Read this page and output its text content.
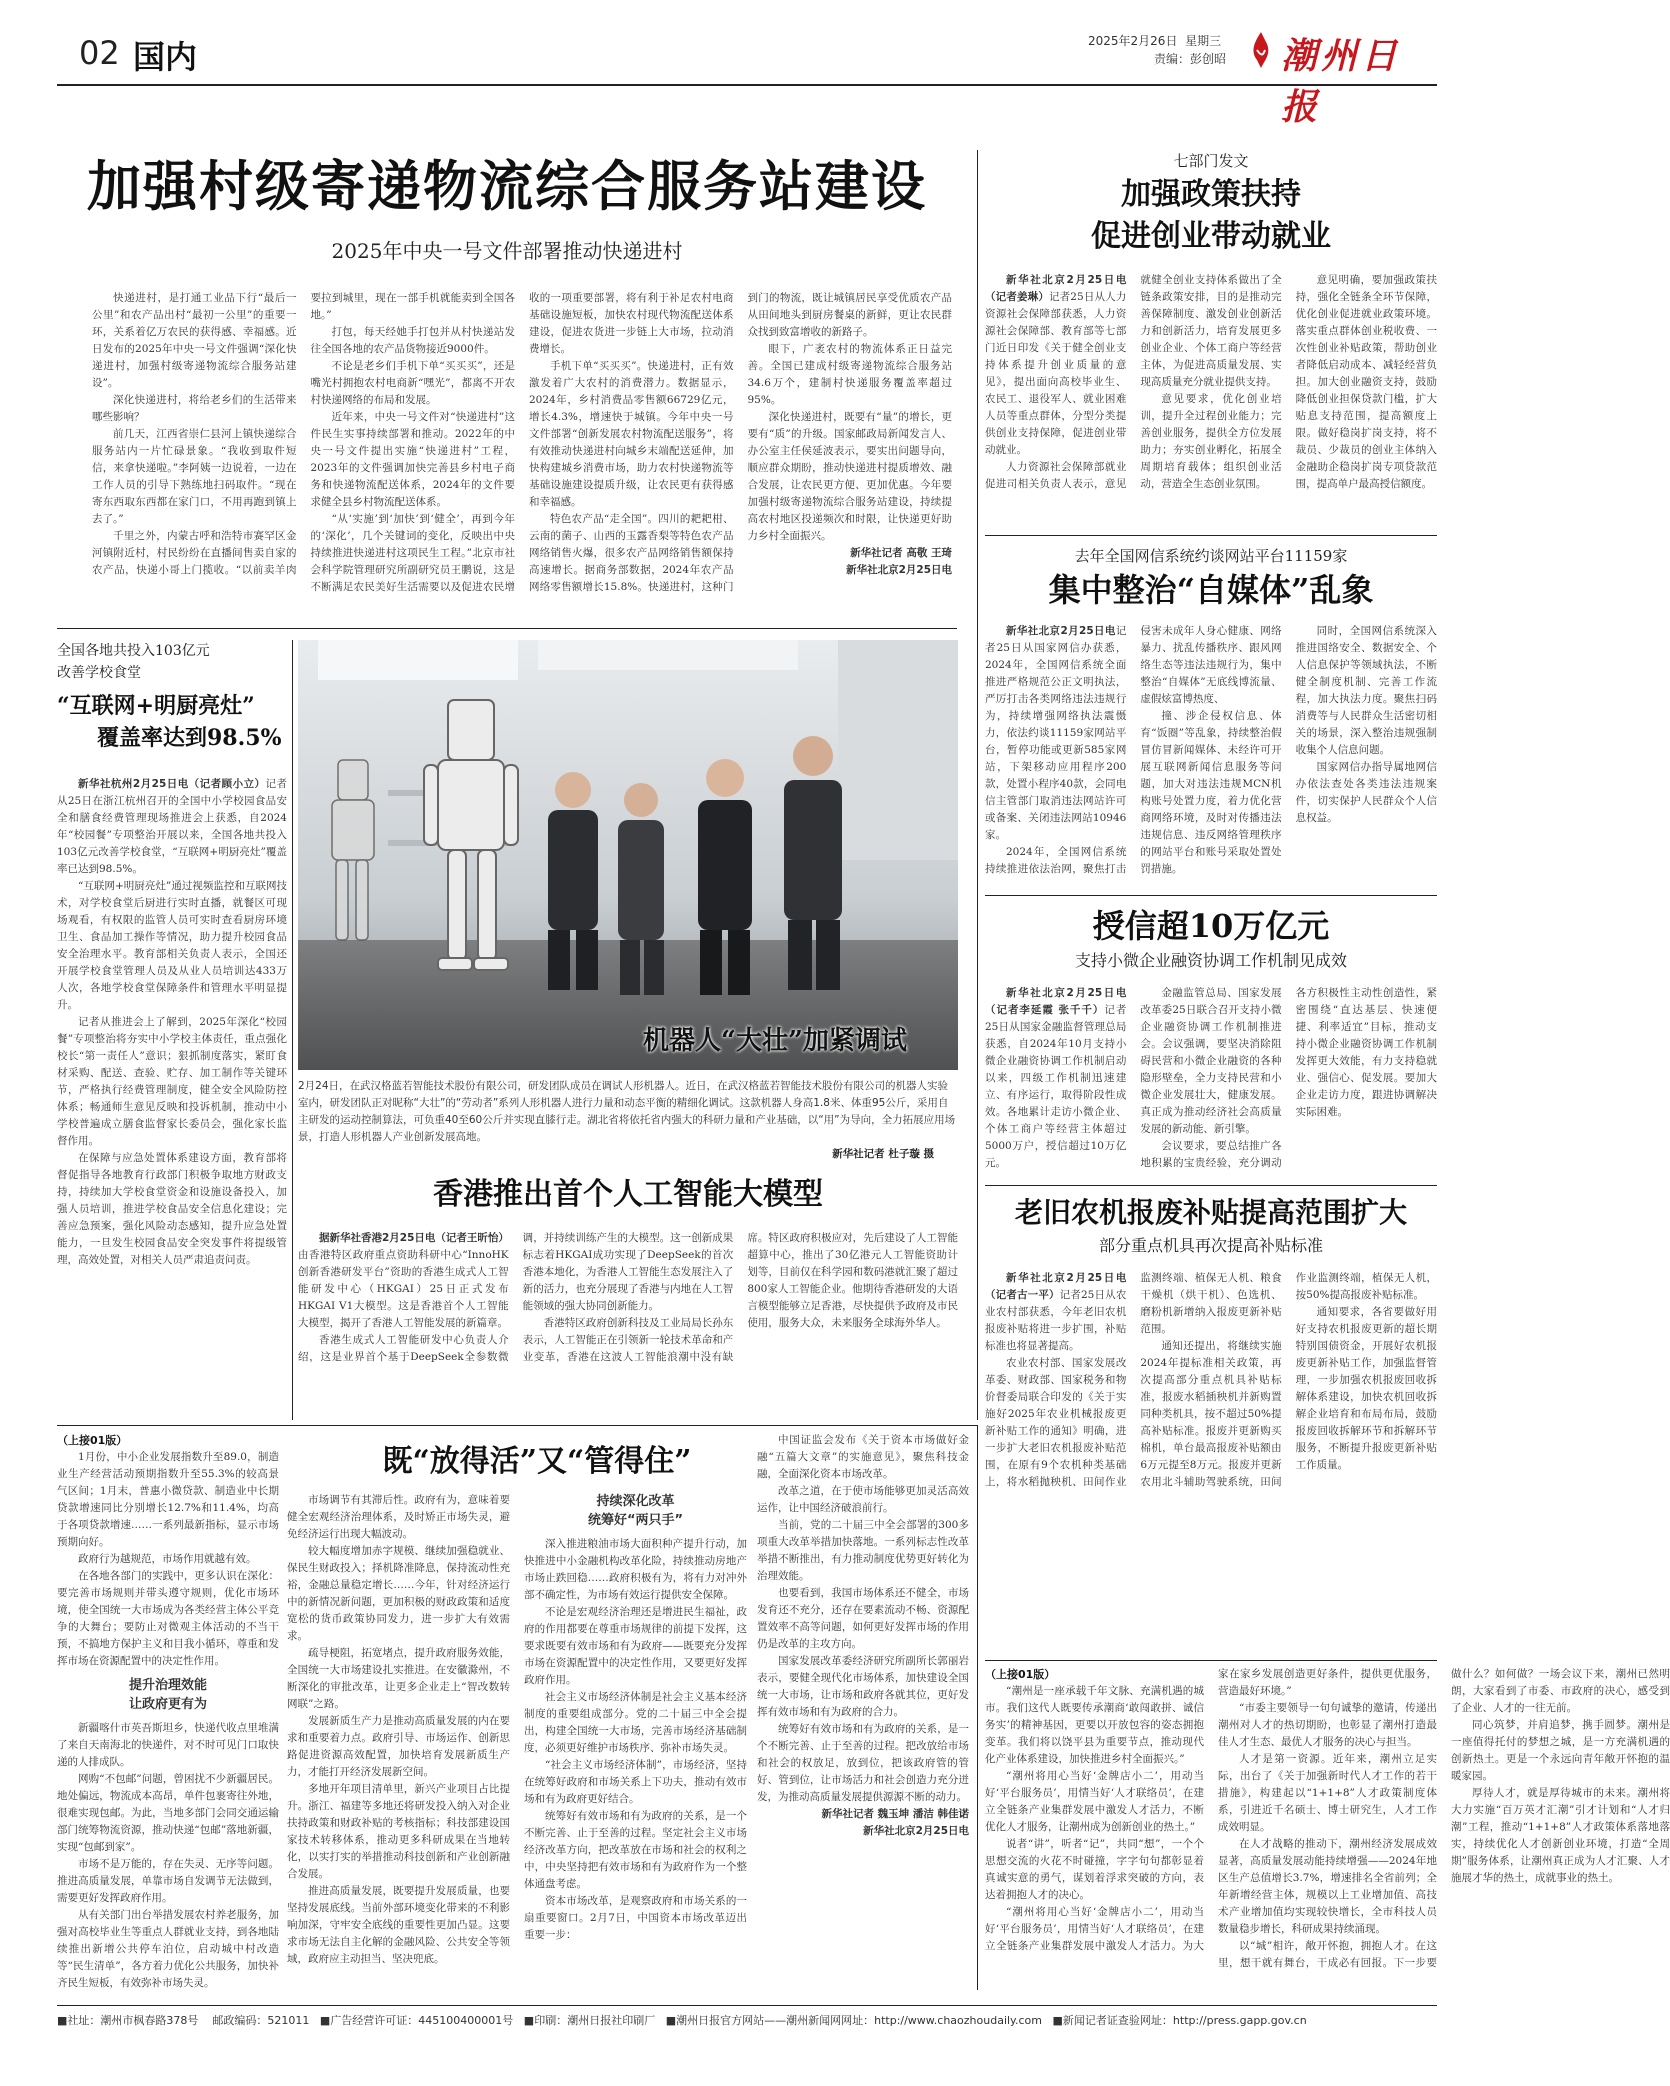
02 国内	2025年2月26日 星期三
责编：彭创昭 潮州日报
加强村级寄递物流综合服务站建设
2025年中央一号文件部署推动快递进村

快递进村，是打通工业品下行“最后一公里”和农产品出村“最初一公里”的重要一环，关系着亿万农民的获得感、幸福感。近日发布的2025年中央一号文件强调“深化快递进村，加强村级寄递物流综合服务站建设”。

深化快递进村，将给老乡们的生活带来哪些影响？

前几天，江西省崇仁县河上镇快递综合服务站内一片忙碌景象。“我收到取件短信，来拿快递啦。”李阿姨一边说着，一边在工作人员的引导下熟练地扫码取件。“现在寄东西取东西都在家门口，不用再跑到镇上去了。”

千里之外，内蒙古呼和浩特市赛罕区金河镇附近村，村民纷纷在直播间售卖自家的农产品，快递小哥上门揽收。“以前卖羊肉要拉到城里，现在一部手机就能卖到全国各地。”

打包，每天经她手打包并从村快递站发往全国各地的农产品货物接近9000件。

不论是老乡们手机下单“买买买”，还是嘴光村拥抱农村电商新“嘿光”，都离不开农村快递网络的布局和发展。

近年来，中央一号文件对“快递进村”这件民生实事持续部署和推动。2022年的中央一号文件提出实施“快递进村”工程，2023年的文件强调加快完善县乡村电子商务和快递物流配送体系，2024年的文件要求健全县乡村物流配送体系。

“从‘实施’到‘加快’到‘健全’，再到今年的‘深化’，几个关键词的变化，反映出中央持续推进快递进村这项民生工程。”北京市社会科学院管理研究所副研究员王鹏说，这是不断满足农民美好生活需要以及促进农民增收的一项重要部署，将有利于补足农村电商基础设施短板，加快农村现代物流配送体系建设，促进农货进一步链上大市场，拉动消费增长。

手机下单“买买买”。快递进村，正有效激发着广大农村的消费潜力。数据显示，2024年，乡村消费品零售额66729亿元，增长4.3%，增速快于城镇。今年中央一号文件部署“创新发展农村物流配送服务”，将有效推动快递进村向城乡末端配送延伸，加快构建城乡消费市场，助力农村快递物流等基础设施建设提质升级，让农民更有获得感和幸福感。

特色农产品“走全国”。四川的耙耙柑、云南的菌子、山西的玉露香梨等特色农产品网络销售火爆，很多农产品网络销售额保持高速增长。据商务部数据，2024年农产品网络零售额增长15.8%。快递进村，这种门到门的物流，既让城镇居民享受优质农产品从田间地头到厨房餐桌的新鲜，更让农民群众找到致富增收的新路子。

眼下，广袤农村的物流体系正日益完善。全国已建成村级寄递物流综合服务站34.6万个，建制村快递服务覆盖率超过95%。

深化快递进村，既要有“量”的增长，更要有“质”的升级。国家邮政局新闻发言人、办公室主任侯延波表示，要实出问题导向，顺应群众期盼，推动快递进村提质增效、融合发展，让农民更方便、更加优惠。今年要加强村级寄递物流综合服务站建设，持续提高农村地区投递频次和时限，让快递更好助力乡村全面振兴。

新华社记者 高敬 王琦
新华社北京2月25日电
全国各地共投入103亿元
改善学校食堂
“互联网+明厨亮灶”
覆盖率达到98.5%

新华社杭州2月25日电（记者顾小立）记者从25日在浙江杭州召开的全国中小学校园食品安全和膳食经费管理现场推进会上获悉，自2024年“校园餐”专项整治开展以来，全国各地共投入103亿元改善学校食堂，“互联网+明厨亮灶”覆盖率已达到98.5%。

“互联网+明厨亮灶”通过视频监控和互联网技术，对学校食堂后厨进行实时直播，就餐区可现场观看，有权限的监管人员可实时查看厨房环境卫生、食品加工操作等情况，助力提升校园食品安全治理水平。教育部相关负责人表示，全国还开展学校食堂管理人员及从业人员培训达433万人次，各地学校食堂保障条件和管理水平明显提升。

记者从推进会上了解到，2025年深化“校园餐”专项整治将夯实中小学校主体责任，重点强化校长“第一责任人”意识；狠抓制度落实，紧盯食材采购、配送、查验、贮存、加工制作等关键环节，严格执行经费管理制度，健全安全风险防控体系；畅通师生意见反映和投诉机制，推动中小学校普遍成立膳食监督家长委员会，强化家长监督作用。

在保障与应急处置体系建设方面，教育部将督促指导各地教育行政部门积极争取地方财政支持，持续加大学校食堂资金和设施设备投入，加强人员培训，推进学校食品安全信息化建设；完善应急预案，强化风险动态感知，提升应急处置能力，一旦发生校园食品安全突发事件将提级管理，高效处置，对相关人员严肃追责问责。

机器人“大壮”加紧调试
2月24日，在武汉格蓝若智能技术股份有限公司，研发团队成员在调试人形机器人。近日，在武汉格蓝若智能技术股份有限公司的机器人实验室内，研发团队正对昵称“大壮”的“劳动者”系列人形机器人进行力量和动态平衡的精细化调试。这款机器人身高1.8米、体重95公斤，采用自主研发的运动控制算法，可负重40至60公斤并实现直膝行走。湖北省将依托省内强大的科研力量和产业基础，以“用”为导向，全力拓展应用场景，打造人形机器人产业创新发展高地。
新华社记者 杜子璇 摄
香港推出首个人工智能大模型

据新华社香港2月25日电（记者王昕怡）由香港特区政府重点资助科研中心“InnoHK创新香港研发平台”资助的香港生成式人工智能研发中心（HKGAI）25日正式发布HKGAI V1大模型。这是香港首个人工智能大模型，揭开了香港人工智能发展的新篇章。

香港生成式人工智能研发中心负责人介绍，这是业界首个基于DeepSeek全参数微调，并持续训练产生的大模型。这一创新成果标志着HKGAI成功实现了DeepSeek的首次香港本地化，为香港人工智能生态发展注入了新的活力，也充分展现了香港与内地在人工智能领域的强大协同创新能力。

香港特区政府创新科技及工业局局长孙东表示，人工智能正在引领新一轮技术革命和产业变革，香港在这波人工智能浪潮中没有缺席。特区政府积极应对，先后建设了人工智能超算中心，推出了30亿港元人工智能资助计划等，目前仅在科学园和数码港就汇聚了超过800家人工智能企业。他期待香港研发的大语言模型能够立足香港，尽快提供予政府及市民使用，服务大众，未来服务全球海外华人。

七部门发文
加强政策扶持
促进创业带动就业

新华社北京2月25日电（记者姜琳）记者25日从人力资源社会保障部获悉，人力资源社会保障部、教育部等七部门近日印发《关于健全创业支持体系提升创业质量的意见》，提出面向高校毕业生、农民工、退役军人、就业困难人员等重点群体，分型分类提供创业支持保障，促进创业带动就业。

人力资源社会保障部就业促进司相关负责人表示，意见就健全创业支持体系做出了全链条政策安排，目的是推动完善保障制度、激发创业创新活力和创新活力，培育发展更多创业企业、个体工商户等经营主体，为促进高质量发展、实现高质量充分就业提供支持。

意见要求，优化创业培训，提升全过程创业能力；完善创业服务，提供全方位发展助力；夯实创业孵化，拓展全周期培育载体；组织创业活动，营造全生态创业氛围。

意见明确，要加强政策扶持，强化全链条全环节保障，优化创业促进就业政策环境。落实重点群体创业税收费、一次性创业补贴政策，帮助创业者降低启动成本、减轻经营负担。加大创业融资支持，鼓励降低创业担保贷款门槛，扩大贴息支持范围，提高额度上限。做好稳岗扩岗支持，将不裁员、少裁员的创业主体纳入金融助企稳岗扩岗专项贷款范围，提高单户最高授信额度。

去年全国网信系统约谈网站平台11159家
集中整治“自媒体”乱象

新华社北京2月25日电记者25日从国家网信办获悉，2024年，全国网信系统全面推进严格规范公正文明执法，严厉打击各类网络违法违规行为，持续增强网络执法震慑力，依法约谈11159家网站平台，暂停功能或更新585家网站，下架移动应用程序200款，处置小程序40款，会同电信主管部门取消违法网站许可或备案、关闭违法网站10946家。

2024年，全国网信系统持续推进依法治网，聚焦打击侵害未成年人身心健康、网络暴力、扰乱传播秩序、跟风网络生态等违法违规行为，集中整治“自媒体”无底线博流量、虚假炫富博热度、

撞、涉企侵权信息、体育“饭圈”等乱象，持续整治假冒仿冒新闻媒体、未经许可开展互联网新闻信息服务等问题，加大对违法违规MCN机构账号处置力度，着力优化营商网络环境，及时对传播违法违规信息、违反网络管理秩序的网站平台和账号采取处置处罚措施。

同时，全国网信系统深入推进国络安全、数据安全、个人信息保护等领域执法，不断健全制度机制、完善工作流程，加大执法力度。聚焦扫码消费等与人民群众生活密切相关的场景，深入整治违规强制收集个人信息问题。

国家网信办指导属地网信办依法查处各类违法违规案件，切实保护人民群众个人信息权益。

授信超10万亿元
支持小微企业融资协调工作机制见成效

新华社北京2月25日电（记者李延霞 张千千）记者25日从国家金融监督管理总局获悉，自2024年10月支持小微企业融资协调工作机制启动以来，四级工作机制迅速建立、有序运行，取得阶段性成效。各地累计走访小微企业、个体工商户等经营主体超过5000万户，授信超过10万亿元。

金融监管总局、国家发展改革委25日联合召开支持小微企业融资协调工作机制推进会。会议强调，要坚决消除阻碍民营和小微企业融资的各种隐形壁垒，全力支持民营和小微企业发展壮大，健康发展。真正成为推动经济社会高质量发展的新动能、新引擎。

会议要求，要总结推广各地积累的宝贵经验，充分调动各方积极性主动性创造性，紧密围绕“直达基层、快速便捷、利率适宜”目标，推动支持小微企业融资协调工作机制发挥更大效能，有力支持稳就业、强信心、促发展。要加大企业走访力度，跟进协调解决实际困难。

老旧农机报废补贴提高范围扩大
部分重点机具再次提高补贴标准

新华社北京2月25日电（记者古一平）记者25日从农业农村部获悉，今年老旧农机报废补贴将进一步扩围，补贴标准也将显著提高。

农业农村部、国家发展改革委、财政部、国家税务和物价督委局联合印发的《关于实施好2025年农业机械报废更新补贴工作的通知》明确，进一步扩大老旧农机报废补贴范围，在原有9个农机种类基础上，将水稻抛秧机、田间作业监测终端、植保无人机、粮食干燥机（烘干机）、色选机、磨粉机新增纳入报废更新补贴范围。

通知还提出，将继续实施2024年提标准相关政策，再次提高部分重点机具补贴标准，报废水稻插秧机并新购置同种类机具，按不超过50%提高补贴标准。报废并更新购买棉机，单台最高报废补贴额由6万元提至8万元。报废并更新农用北斗辅助驾驶系统，田间作业监测终端，植保无人机，按50%提高报废补贴标准。

通知要求，各省要做好用好支持农机报废更新的超长期特别国债资金，开展好农机报废更新补贴工作，加强监督管理，一步加强农机报废回收拆解体系建设，加快农机回收拆解企业培育和布局布局，鼓励报废回收拆解环节和拆解环节服务，不断提升报废更新补贴工作质量。

（上接01版）

1月份，中小企业发展指数升至89.0，制造业生产经营活动预期指数升至55.3%的较高景气区间；1月末，普惠小微贷款、制造业中长期贷款增速同比分别增长12.7%和11.4%，均高于各项贷款增速……一系列最新指标，显示市场预期向好。

政府行为越规范，市场作用就越有效。

在各地各部门的实践中，更多认识在深化：要完善市场规则并带头遵守规则，优化市场环境，使全国统一大市场成为各类经营主体公平竞争的大舞台；要防止对微观主体活动的不当干预，不搞地方保护主义和目我小循环，尊重和发挥市场在资源配置中的决定性作用。

提升治理效能
让政府更有为

新疆喀什市英吾斯坦乡，快递代收点里堆满了来自天南海北的快递件，对不时可见门口取快递的人排成队。

网购“不包邮”问题，曾困扰不少新疆居民。地处偏远，物流成本高昂，单件包裹寄往外地，很难实现包邮。为此，当地多部门会同交通运输部门统筹物流资源，推动快递“包邮”落地新疆，实现“包邮到家”。

市场不是万能的，存在失灵、无序等问题。推进高质量发展，单靠市场自发调节无法做到，需要更好发挥政府作用。

从有关部门出台举措发展农村养老服务，加强对高校毕业生等重点人群就业支持，到各地陆续推出新增公共停车泊位，启动城中村改造等“民生清单”，各方着力优化公共服务，加快补齐民生短板，有效弥补市场失灵。

既“放得活”又“管得住”

市场调节有其滞后性。政府有为，意味着要健全宏观经济治理体系，及时矫正市场失灵，避免经济运行出现大幅波动。

较大幅度增加赤字规模、继续加强稳就业、保民生财政投入；择机降准降息，保持流动性充裕，金融总量稳定增长……今年，针对经济运行中的新情况新问题，更加积极的财政政策和适度宽松的货币政策协同发力，进一步扩大有效需求。

疏导梗阻，拓宽堵点，提升政府服务效能，全国统一大市场建设扎实推进。在安徽滁州，不断深化的审批改革，让更多企业走上“智改数转网联”之路。

发展新质生产力是推动高质量发展的内在要求和重要着力点。政府引导、市场运作、创新思路促进资源高效配置，加快培育发展新质生产力，才能打开经济发展新空间。

多地开年项目清单里，新兴产业项目占比提升。浙江、福建等多地还将研发投入纳入对企业扶持政策和财政补贴的考核指标；科技部建设国家技术转移体系，推动更多科研成果在当地转化，以实打实的举措推动科技创新和产业创新融合发展。

推进高质量发展，既要提升发展质量，也要坚持发展底线。当前外部环境变化带来的不利影响加深，守牢安全底线的重要性更加凸显。这要求市场无法自主化解的金融风险、公共安全等领域，政府应主动担当、坚决兜底。

持续深化改革
统筹好“两只手”

深入推进粮油市场大面积种产提升行动，加快推进中小金融机构改革化险，持续推动房地产市场止跌回稳……政府积极有为，将有力对冲外部不确定性，为市场有效运行提供安全保障。

不论是宏观经济治理还是增进民生福祉，政府的作用都要在尊重市场规律的前提下发挥，这要求既要有效市场和有为政府——既要充分发挥市场在资源配置中的决定性作用，又要更好发挥政府作用。

社会主义市场经济体制是社会主义基本经济制度的重要组成部分。党的二十届三中全会提出，构建全国统一大市场，完善市场经济基础制度，必须更好维护市场秩序、弥补市场失灵。

“社会主义市场经济体制”，市场经济，坚持在统筹好政府和市场关系上下功夫，推动有效市场和有为政府更好结合。

统筹好有效市场和有为政府的关系，是一个不断完善、止于至善的过程。坚定社会主义市场经济改革方向，把改革放在市场和社会的权利之中，中央坚持把有效市场和有为政府作为一个整体通盘考虑。

资本市场改革，是观察政府和市场关系的一扇重要窗口。2月7日，中国资本市场改革迈出重要一步：

中国证监会发布《关于资本市场做好金融“五篇大文章”的实施意见》，聚焦科技金融，全面深化资本市场改革。

改革之道，在于使市场能够更加灵活高效运作，让中国经济破浪前行。

当前，党的二十届三中全会部署的300多项重大改革举措加快落地。一系列标志性改革举措不断推出，有力推动制度优势更好转化为治理效能。

也要看到，我国市场体系还不健全，市场发育还不充分，还存在要素流动不畅、资源配置效率不高等问题，如何更好发挥市场的作用仍是改革的主攻方向。

国家发展改革委经济研究所副所长郭丽岩表示，要健全现代化市场体系，加快建设全国统一大市场，让市场和政府各就其位，更好发挥有效市场和有为政府的合力。

统筹好有效市场和有为政府的关系，是一个不断完善、止于至善的过程。把改放给市场和社会的权放足，放到位，把该政府管的管好、管到位，让市场活力和社会创造力充分迸发，为推动高质量发展提供源源不断的动力。

新华社记者 魏玉坤 潘洁 韩佳诺
新华社北京2月25日电
（上接01版）

“潮州是一座承载千年文脉、充满机遇的城市。我们这代人既要传承潮商‘敢闯敢拼、诚信务实’的精神基因，更要以开放包容的姿态拥抱变革。我们将以饶平县为重要节点，推动现代化产业体系建设，加快推进乡村全面振兴。”

“潮州将用心当好‘金牌店小二’，用动当好‘平台服务员’，用情当好‘人才联络员’，在建立全链条产业集群发展中激发人才活力，不断优化人才服务，让潮州成为创新创业的热土。”

说者“讲”，听者“记”，共同“想”，一个个思想交流的火花不时碰撞，字字句句都彰显着真诚实意的勇气，谋划着浮求突破的方向，表达着拥抱人才的决心。

“潮州将用心当好‘金牌店小二’，用动当好‘平台服务员’，用情当好‘人才联络员’，在建立全链条产业集群发展中激发人才活力。为大家在家乡发展创造更好条件，提供更优服务，营造最好环境。”

“市委主要领导一句句诚挚的邀请，传递出潮州对人才的热切期盼，也彰显了潮州打造最佳人才生态、最优人才服务的决心与担当。

人才是第一资源。近年来，潮州立足实际，出台了《关于加强新时代人才工作的若干措施》，构建起以“1+1+8”人才政策制度体系，引进近千名硕士、博士研究生，人才工作成效明显。

在人才战略的推动下，潮州经济发展成效显著，高质量发展动能持续增强——2024年地区生产总值增长3.7%，增速排名全省前列；全年新增经营主体，规模以上工业增加值、高技术产业增加值均实现较快增长，全市科技人员数量稳步增长，科研成果持续涌现。

以“城”相许，敞开怀抱，拥抱人才。在这里，想干就有舞台，干成必有回报。下一步要做什么？如何做？一场会议下来，潮州已然明朗，大家看到了市委、市政府的决心，感受到了企业、人才的一往无前。

同心筑梦，并肩追梦，携手圆梦。潮州是一座值得托付的梦想之城，是一方充满机遇的创新热土。更是一个永远向青年敞开怀抱的温暖家园。

厚待人才，就是厚待城市的未来。潮州将大力实施“百万英才汇潮”引才计划和“人才归潮”工程，推动“1+1+8”人才政策体系落地落实，持续优化人才创新创业环境，打造“全周期”服务体系，让潮州真正成为人才汇聚、人才施展才华的热土，成就事业的热土。

■社址：潮州市枫春路378号 邮政编码：521011 ■广告经营许可证：445100400001号 ■印刷：潮州日报社印刷厂 ■潮州日报官方网站——潮州新闻网网址：http://www.chaozhoudaily.com ■新闻记者证查验网址：http://press.gapp.gov.cn
